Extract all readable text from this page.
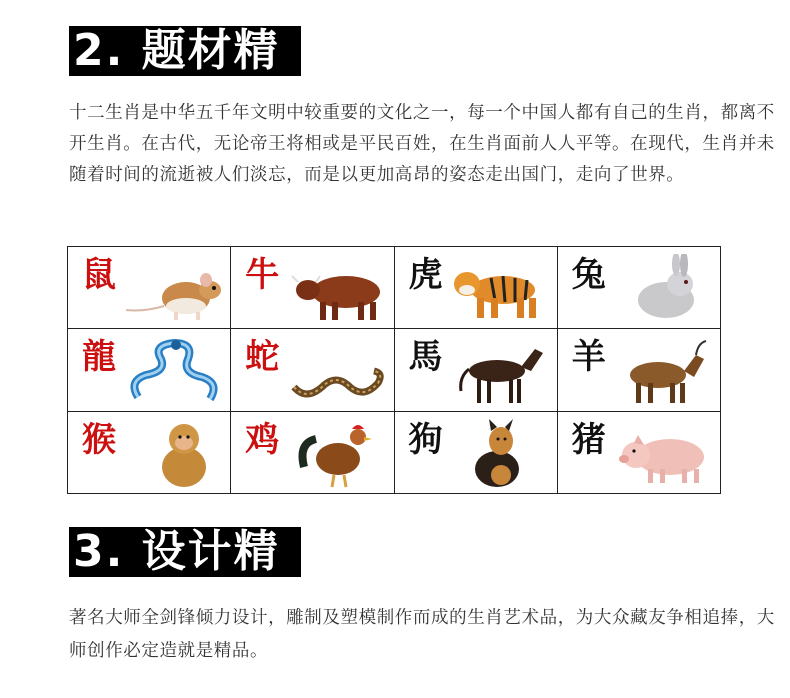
2. 题材精

十二生肖是中华五千年文明中较重要的文化之一，每一个中国人都有自己的生肖，都离不开生肖。在古代，无论帝王将相或是平民百姓，在生肖面前人人平等。在现代，生肖并未随着时间的流逝被人们淡忘，而是以更加高昂的姿态走出国门，走向了世界。

鼠	牛	虎	兔
龍	蛇	馬	羊
猴	鸡	狗	猪
3. 设计精

著名大师全剑锋倾力设计，雕制及塑模制作而成的生肖艺术品，为大众藏友争相追捧，大师创作必定造就是精品。
